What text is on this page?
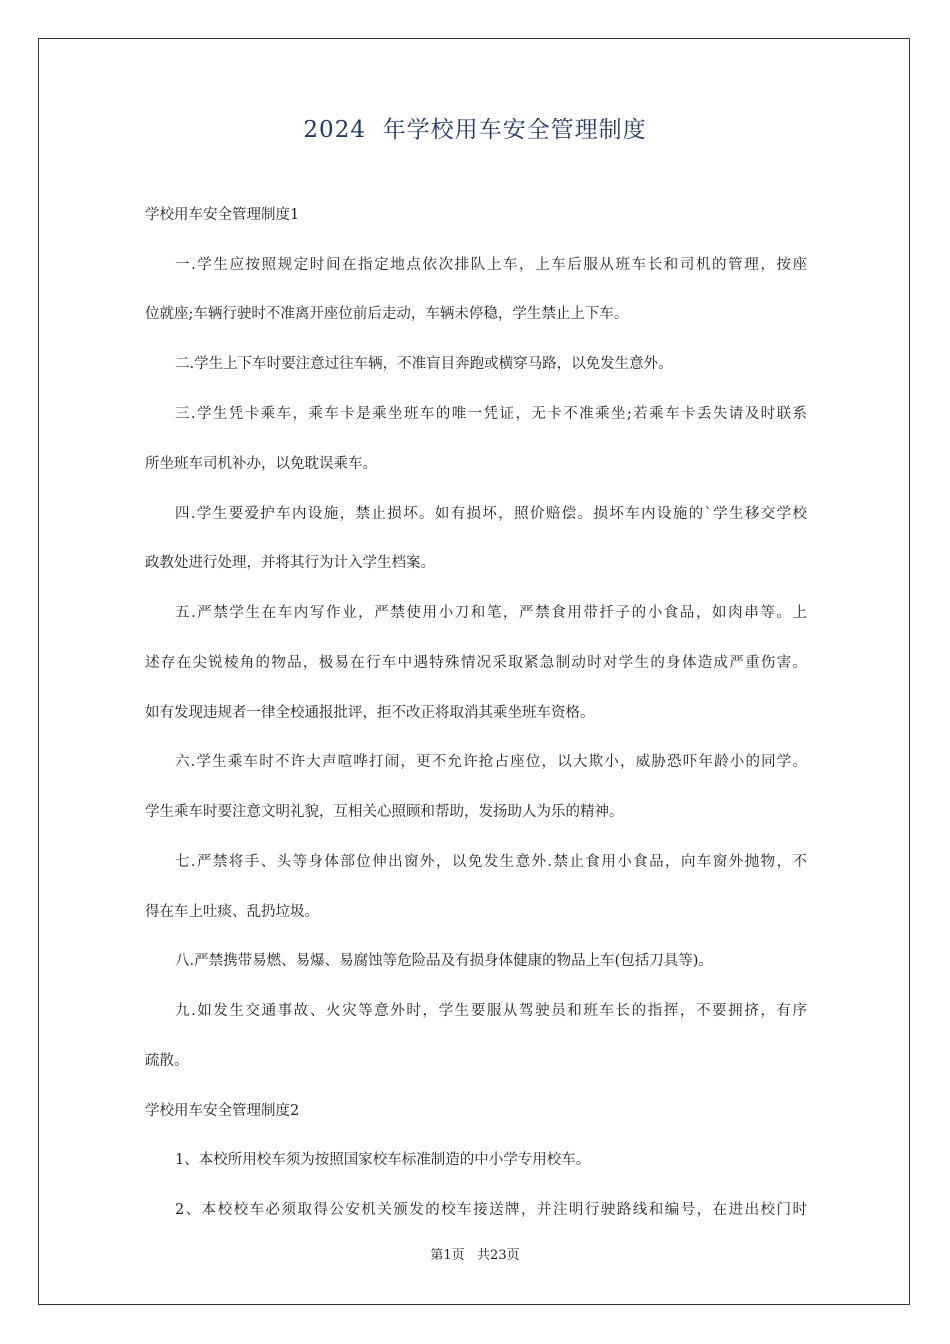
2024  年学校用车安全管理制度
学校用车安全管理制度1
一.学生应按照规定时间在指定地点依次排队上车，上车后服从班车长和司机的管理，按座
位就座;车辆行驶时不准离开座位前后走动，车辆未停稳，学生禁止上下车。
二.学生上下车时要注意过往车辆，不准盲目奔跑或横穿马路，以免发生意外。
三.学生凭卡乘车，乘车卡是乘坐班车的唯一凭证，无卡不准乘坐;若乘车卡丢失请及时联系
所坐班车司机补办，以免耽误乘车。
四.学生要爱护车内设施，禁止损坏。如有损坏，照价赔偿。损坏车内设施的`学生移交学校
政教处进行处理，并将其行为计入学生档案。
五.严禁学生在车内写作业，严禁使用小刀和笔，严禁食用带扦子的小食品，如肉串等。上
述存在尖锐棱角的物品，极易在行车中遇特殊情况采取紧急制动时对学生的身体造成严重伤害。
如有发现违规者一律全校通报批评，拒不改正将取消其乘坐班车资格。
六.学生乘车时不许大声喧哗打闹，更不允许抢占座位，以大欺小，威胁恐吓年龄小的同学。
学生乘车时要注意文明礼貌，互相关心照顾和帮助，发扬助人为乐的精神。
七.严禁将手、头等身体部位伸出窗外，以免发生意外.禁止食用小食品，向车窗外抛物，不
得在车上吐痰、乱扔垃圾。
八.严禁携带易燃、易爆、易腐蚀等危险品及有损身体健康的物品上车(包括刀具等)。
九.如发生交通事故、火灾等意外时，学生要服从驾驶员和班车长的指挥，不要拥挤，有序
疏散。
学校用车安全管理制度2
1、本校所用校车须为按照国家校车标准制造的中小学专用校车。
2、本校校车必须取得公安机关颁发的校车接送牌，并注明行驶路线和编号，在进出校门时
第1页   共23页
